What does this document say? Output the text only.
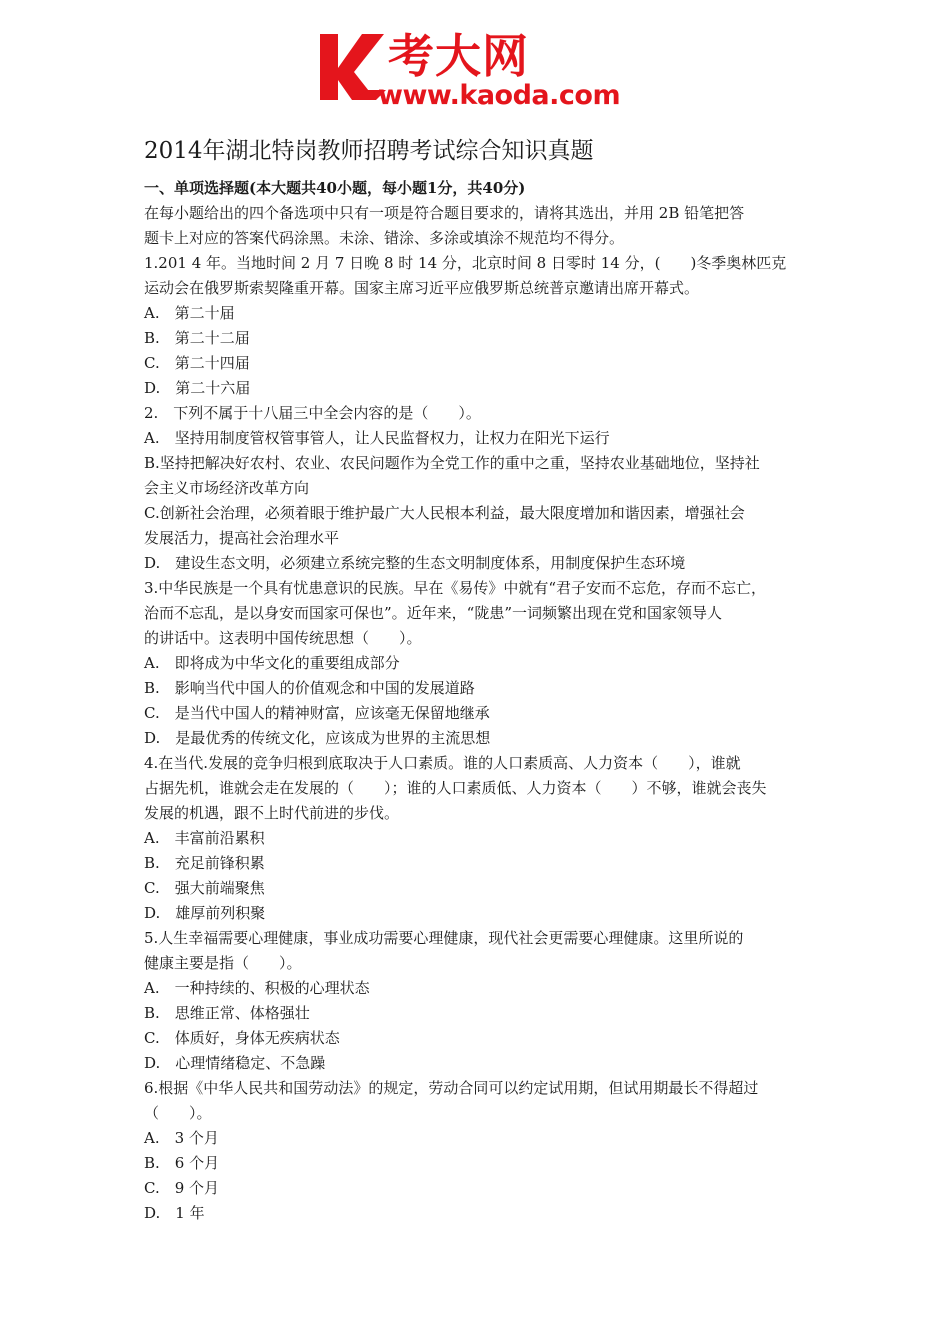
考大网
www.kaoda.com
2014年湖北特岗教师招聘考试综合知识真题
一、单项选择题(本大题共40小题，每小题1分，共40分)
在每小题给出的四个备选项中只有一项是符合题目要求的，请将其选出，并用 2B 铅笔把答
题卡上对应的答案代码涂黑。未涂、错涂、多涂或填涂不规范均不得分。
1.201 4 年。当地时间 2 月 7 日晚 8 时 14 分，北京时间 8 日零时 14 分，(　　)冬季奥林匹克
运动会在俄罗斯索契隆重开幕。国家主席习近平应俄罗斯总统普京邀请出席开幕式。
A.　第二十届
B.　第二十二届
C.　第二十四届
D.　第二十六届
2.　下列不属于十八届三中全会内容的是（　　）。
A.　坚持用制度管权管事管人，让人民监督权力，让权力在阳光下运行
B.坚持把解决好农村、农业、农民问题作为全党工作的重中之重，坚持农业基础地位，坚持社
会主义市场经济改革方向
C.创新社会治理，必须着眼于维护最广大人民根本利益，最大限度增加和谐因素，增强社会
发展活力，提高社会治理水平
D.　建设生态文明，必须建立系统完整的生态文明制度体系，用制度保护生态环境
3.中华民族是一个具有忧患意识的民族。早在《易传》中就有“君子安而不忘危，存而不忘亡，
治而不忘乱，是以身安而国家可保也”。近年来，“陇患”一词频繁出现在党和国家领导人
的讲话中。这表明中国传统思想（　　）。
A.　即将成为中华文化的重要组成部分
B.　影响当代中国人的价值观念和中国的发展道路
C.　是当代中国人的精神财富，应该毫无保留地继承
D.　是最优秀的传统文化，应该成为世界的主流思想
4.在当代.发展的竞争归根到底取决于人口素质。谁的人口素质高、人力资本（　　），谁就
占据先机，谁就会走在发展的（　　）；谁的人口素质低、人力资本（　　）不够，谁就会丧失
发展的机遇，跟不上时代前进的步伐。
A.　丰富前沿累积
B.　充足前锋积累
C.　强大前端聚焦
D.　雄厚前列积聚
5.人生幸福需要心理健康，事业成功需要心理健康，现代社会更需要心理健康。这里所说的
健康主要是指（　　）。
A.　一种持续的、积极的心理状态
B.　思维正常、体格强壮
C.　体质好，身体无疾病状态
D.　心理情绪稳定、不急躁
6.根据《中华人民共和国劳动法》的规定，劳动合同可以约定试用期，但试用期最长不得超过
（　　）。
A.　3 个月
B.　6 个月
C.　9 个月
D.　1 年
